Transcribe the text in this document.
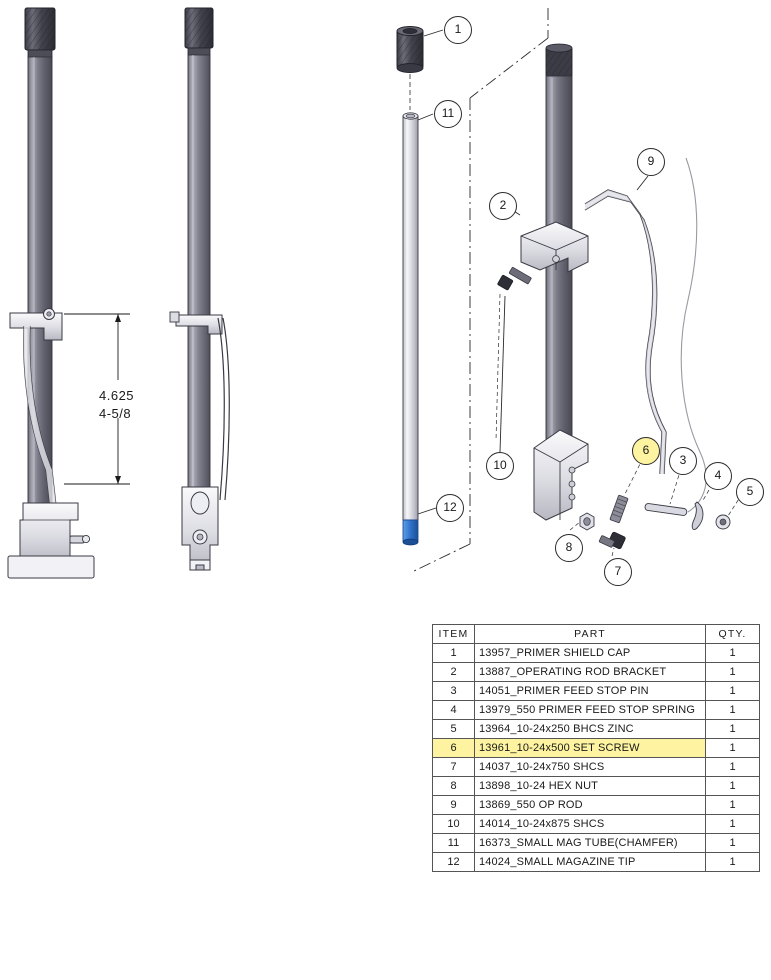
4.625
4-5/8
1
11
9
2
10
6
3
4
5
12
8
7
ITEM	PART	QTY.
1	13957_PRIMER SHIELD CAP	1
2	13887_OPERATING ROD BRACKET	1
3	14051_PRIMER FEED STOP PIN	1
4	13979_550 PRIMER FEED STOP SPRING	1
5	13964_10-24x250 BHCS ZINC	1
6	13961_10-24x500 SET SCREW	1
7	14037_10-24x750 SHCS	1
8	13898_10-24 HEX NUT	1
9	13869_550 OP ROD	1
10	14014_10-24x875 SHCS	1
11	16373_SMALL MAG TUBE(CHAMFER)	1
12	14024_SMALL MAGAZINE TIP	1
